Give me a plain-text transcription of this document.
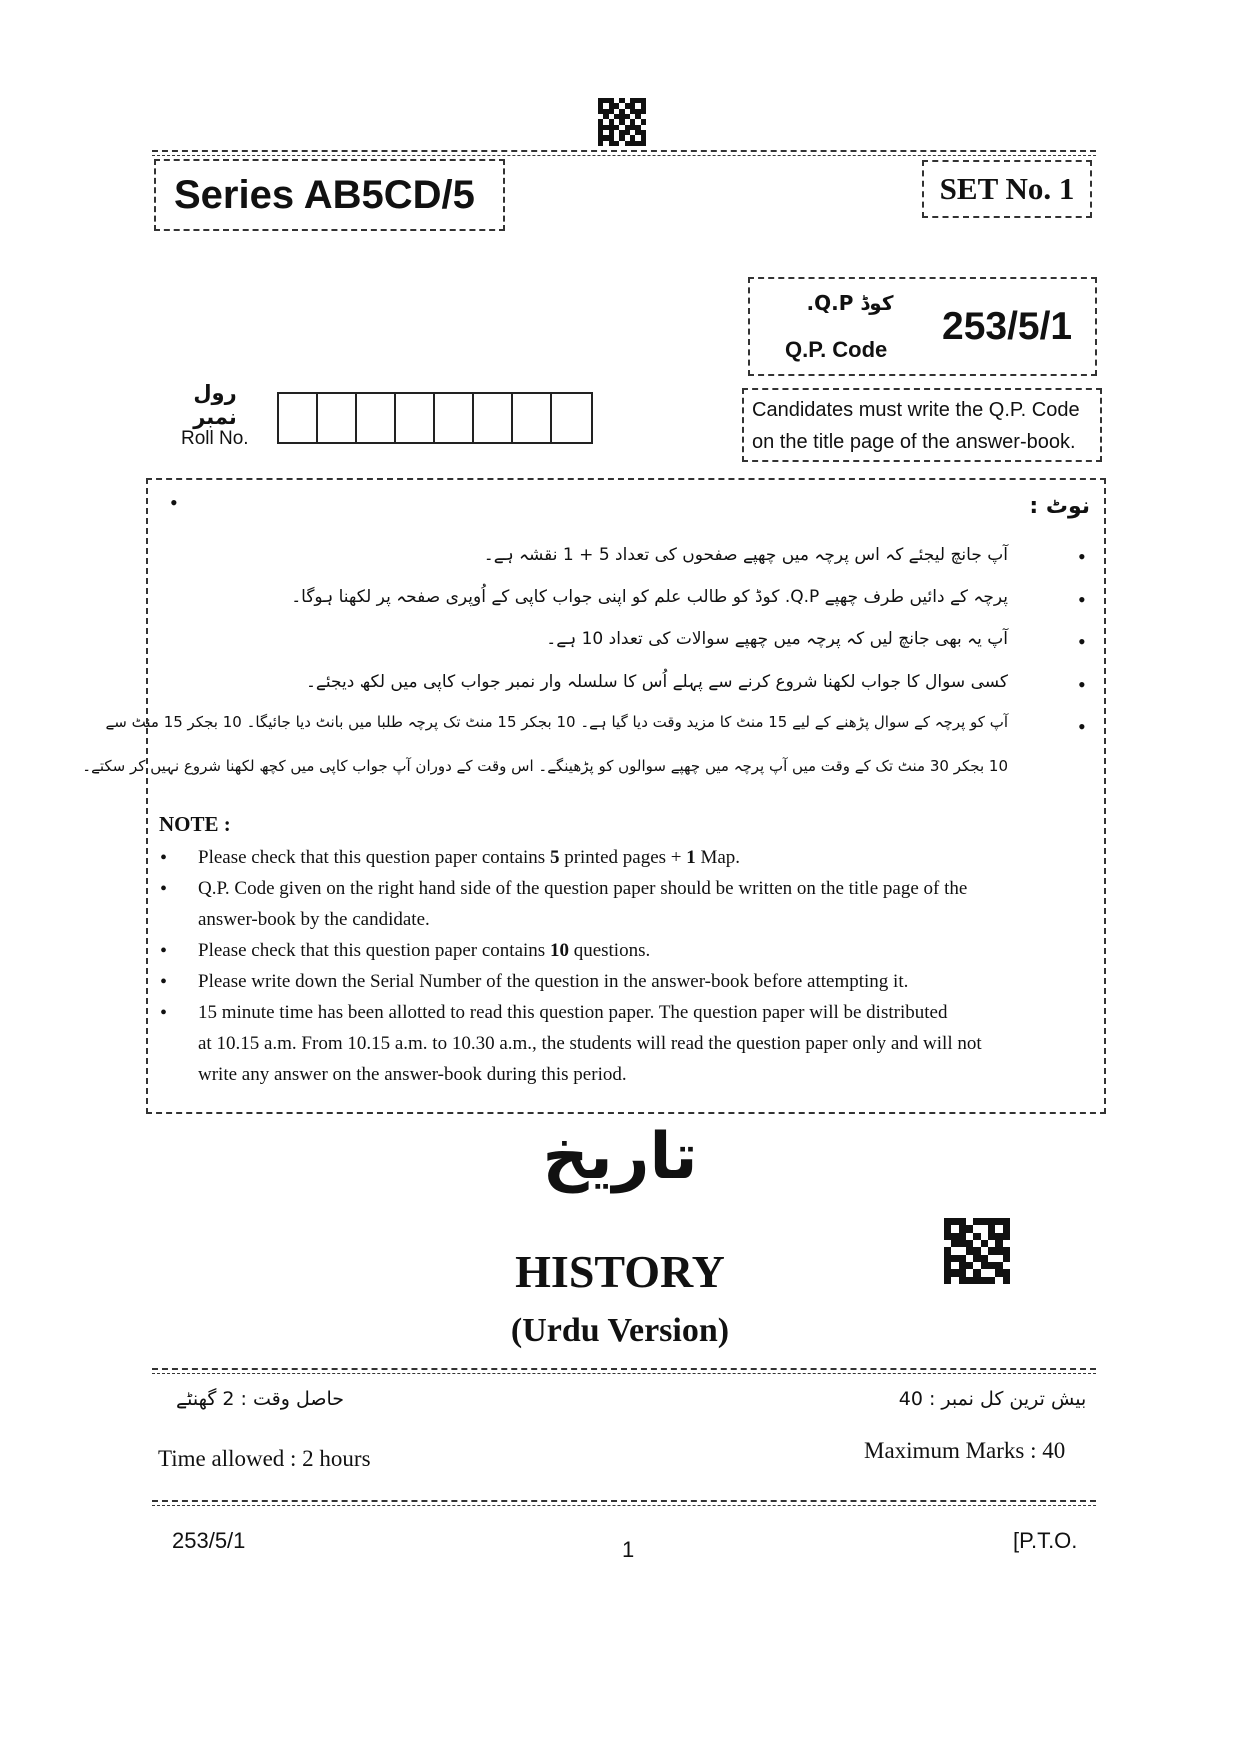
Series AB5CD/5	SET No. 1
کوڈ Q.P.
Q.P. Code
253/5/1
Candidates must write the Q.P. Code
on the title page of the answer-book.
رول نمبر
Roll No.
•	نوٹ :
•
آپ جانچ لیجئے کہ اس پرچہ میں چھپے صفحوں کی تعداد 5 + 1 نقشہ ہے۔
•
پرچہ کے دائیں طرف چھپے Q.P. کوڈ کو طالب علم کو اپنی جواب کاپی کے اُوپری صفحہ پر لکھنا ہوگا۔
•
آپ یہ بھی جانچ لیں کہ پرچہ میں چھپے سوالات کی تعداد 10 ہے۔
•
کسی سوال کا جواب لکھنا شروع کرنے سے پہلے اُس کا سلسلہ وار نمبر جواب کاپی میں لکھ دیجئے۔
•
آپ کو پرچہ کے سوال پڑھنے کے لیے 15 منٹ کا مزید وقت دیا گیا ہے۔ 10 بجکر 15 منٹ تک پرچہ طلبا میں بانٹ دیا جائیگا۔ 10 بجکر 15 منٹ سے
10 بجکر 30 منٹ تک کے وقت میں آپ پرچہ میں چھپے سوالوں کو پڑھینگے۔ اس وقت کے دوران آپ جواب کاپی میں کچھ لکھنا شروع نہیں کر سکتے۔
NOTE :
• Please check that this question paper contains 5 printed pages + 1 Map.
• Q.P. Code given on the right hand side of the question paper should be written on the title page of the
answer-book by the candidate.
• Please check that this question paper contains 10 questions.
• Please write down the Serial Number of the question in the answer-book before attempting it.
• 15 minute time has been allotted to read this question paper. The question paper will be distributed
at 10.15 a.m. From 10.15 a.m. to 10.30 a.m., the students will read the question paper only and will not
write any answer on the answer-book during this period.
تاریخ
HISTORY
(Urdu Version)
حاصل وقت : 2 گھنٹے	بیش ترین کل نمبر : 40
Time allowed : 2 hours	Maximum Marks : 40
253/5/1	1	[P.T.O.
